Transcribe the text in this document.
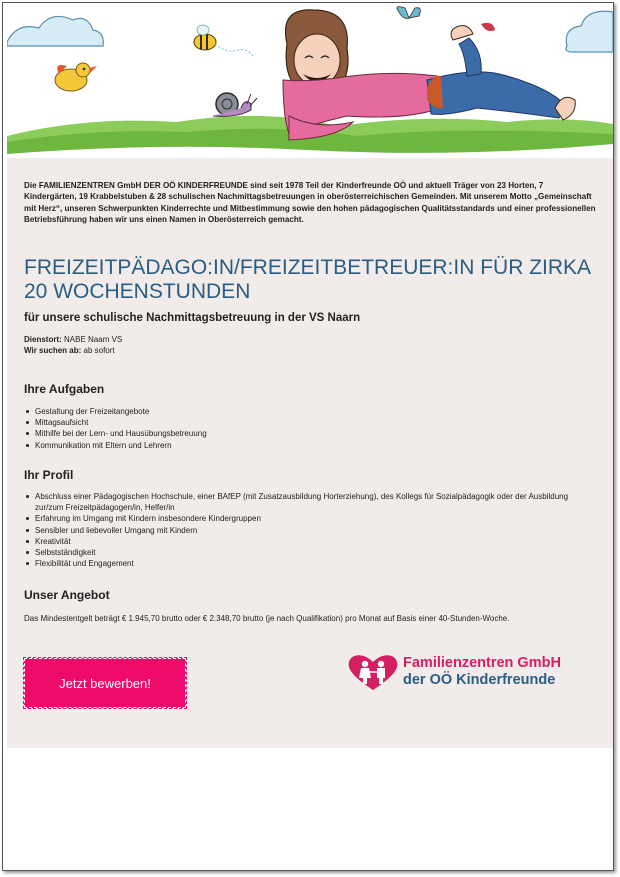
Die FAMILIENZENTREN GmbH DER OÖ KINDERFREUNDE sind seit 1978 Teil der Kinderfreunde OÖ und aktuell Träger von 23 Horten, 7 Kindergärten, 19 Krabbelstuben & 28 schulischen Nachmittagsbetreuungen in oberösterreichischen Gemeinden. Mit unserem Motto „Gemeinschaft mit Herz“, unseren Schwerpunkten Kinderrechte und Mitbestimmung sowie den hohen pädagogischen Qualitätsstandards und einer professionellen Betriebsführung haben wir uns einen Namen in Oberösterreich gemacht.
FREIZEITPÄDAGO:IN/FREIZEITBETREUER:IN FÜR ZIRKA 20 WOCHENSTUNDEN
für unsere schulische Nachmittagsbetreuung in der VS Naarn
Dienstort: NABE Naam VS
Wir suchen ab: ab sofort
Ihre Aufgaben
Gestaltung der Freizeitangebote
Mittagsaufsicht
Mithilfe bei der Lern- und Hausübungsbetreuung
Kommunikation mit Eltern und Lehrern
Ihr Profil
Abschluss einer Pädagogischen Hochschule, einer BAfEP (mit Zusatzausbildung Horterziehung), des Kollegs für Sozialpädagogik oder der Ausbildung zur/zum Freizeitpädagogen/in, Helfer/in
Erfahrung im Umgang mit Kindern insbesondere Kindergruppen
Sensibler und liebevoller Umgang mit Kindern
Kreativität
Selbstständigkeit
Flexibilität und Engagement
Unser Angebot
Das Mindestentgelt beträgt € 1.945,70 brutto oder € 2.348,70 brutto (je nach Qualifikation) pro Monat auf Basis einer 40-Stunden-Woche.
Jetzt bewerben!
Familienzentren GmbH
der OÖ Kinderfreunde
